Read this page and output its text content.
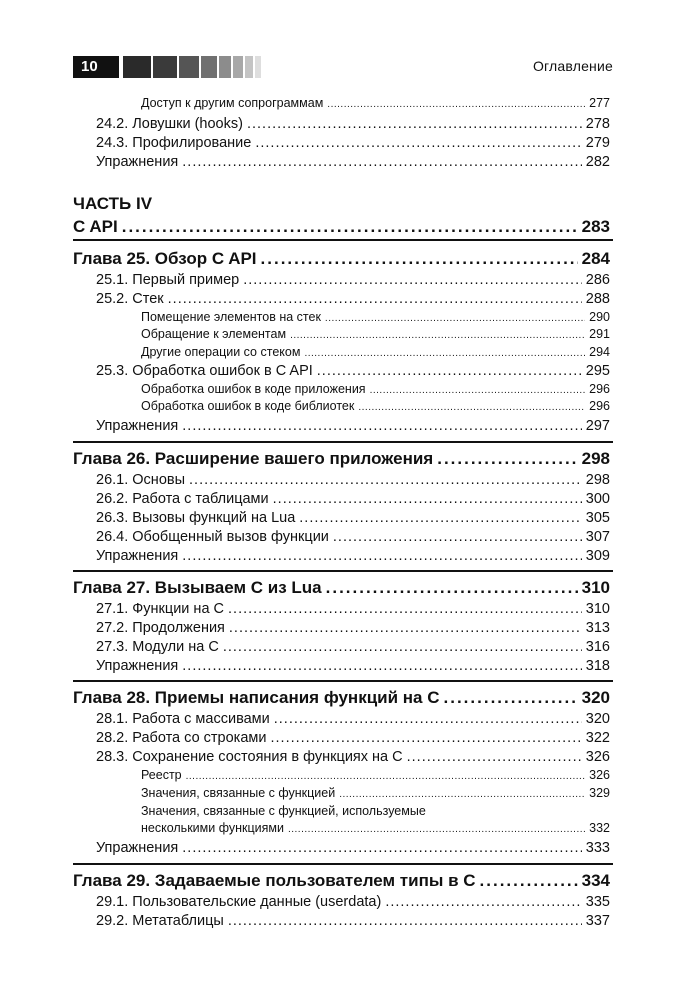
10	Оглавление
Доступ к другим сопрограммам .....	277
24.2. Ловушки (hooks) .....	278
24.3. Профилирование .....	279
Упражнения .....	282
ЧАСТЬ IV
C API .....	283
Глава 25. Обзор C API .....	284
25.1. Первый пример .....	286
25.2. Стек .....	288
Помещение элементов на стек .....	290
Обращение к элементам .....	291
Другие операции со стеком .....	294
25.3. Обработка ошибок в C API .....	295
Обработка ошибок в коде приложения .....	296
Обработка ошибок в коде библиотек .....	296
Упражнения .....	297
Глава 26. Расширение вашего приложения .....	298
26.1. Основы .....	298
26.2. Работа с таблицами .....	300
26.3. Вызовы функций на Lua .....	305
26.4. Обобщенный вызов функции .....	307
Упражнения .....	309
Глава 27. Вызываем C из Lua .....	310
27.1. Функции на C .....	310
27.2. Продолжения .....	313
27.3. Модули на C .....	316
Упражнения .....	318
Глава 28. Приемы написания функций на C .....	320
28.1. Работа с массивами .....	320
28.2. Работа со строками .....	322
28.3. Сохранение состояния в функциях на C .....	326
Реестр .....	326
Значения, связанные с функцией .....	329
Значения, связанные с функцией, используемые
несколькими функциями .....	332
Упражнения .....	333
Глава 29. Задаваемые пользователем типы в C .....	334
29.1. Пользовательские данные (userdata) .....	335
29.2. Метатаблицы .....	337
